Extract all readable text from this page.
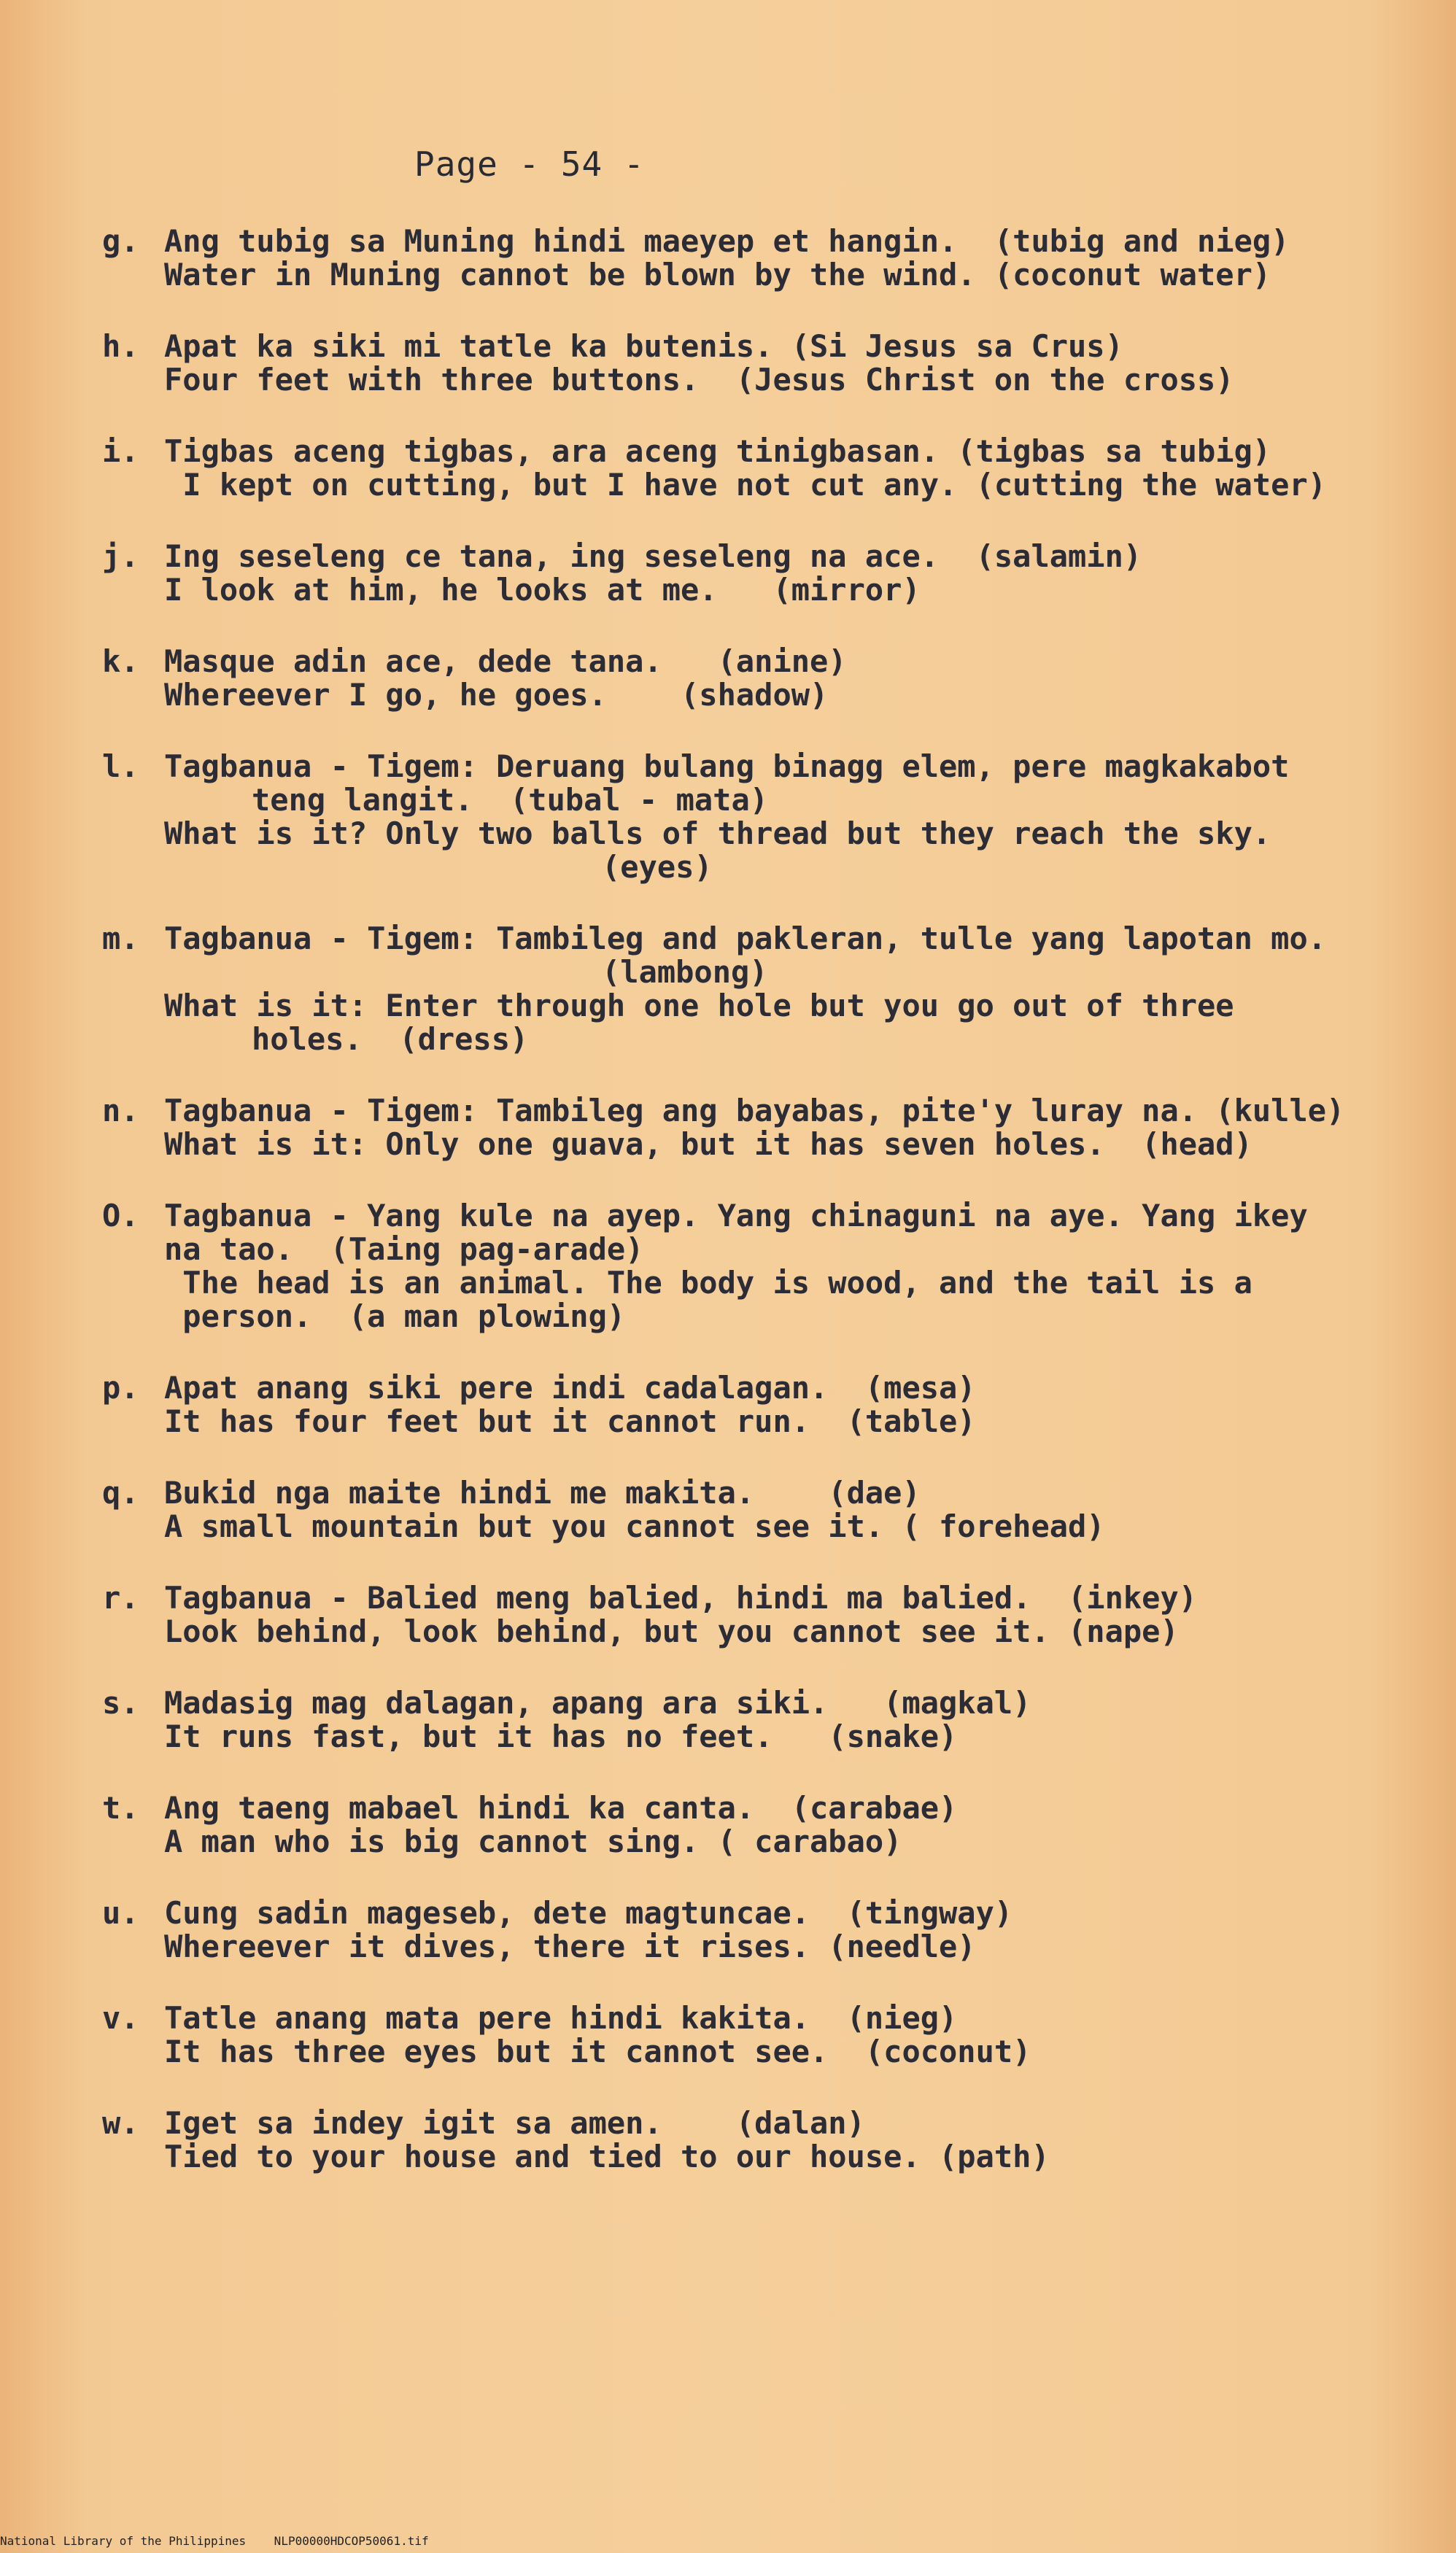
Page - 54 -
g. Ang tubig sa Muning hindi maeyep et hangin.  (tubig and nieg)
Water in Muning cannot be blown by the wind. (coconut water)
h. Apat ka siki mi tatle ka butenis. (Si Jesus sa Crus)
Four feet with three buttons.  (Jesus Christ on the cross)
i. Tigbas aceng tigbas, ara aceng tinigbasan. (tigbas sa tubig)
I kept on cutting, but I have not cut any. (cutting the water)
j. Ing seseleng ce tana, ing seseleng na ace.  (salamin)
I look at him, he looks at me.   (mirror)
k. Masque adin ace, dede tana.   (anine)
Whereever I go, he goes.    (shadow)
l. Tagbanua - Tigem: Deruang bulang binagg elem, pere magkakabot
teng langit.  (tubal - mata)
What is it? Only two balls of thread but they reach the sky.
(eyes)
m. Tagbanua - Tigem: Tambileg and pakleran, tulle yang lapotan mo.
(lambong)
What is it: Enter through one hole but you go out of three
holes.  (dress)
n. Tagbanua - Tigem: Tambileg ang bayabas, pite'y luray na. (kulle)
What is it: Only one guava, but it has seven holes.  (head)
O. Tagbanua - Yang kule na ayep. Yang chinaguni na aye. Yang ikey
na tao.  (Taing pag-arade)
The head is an animal. The body is wood, and the tail is a
person.  (a man plowing)
p. Apat anang siki pere indi cadalagan.  (mesa)
It has four feet but it cannot run.  (table)
q. Bukid nga maite hindi me makita.    (dae)
A small mountain but you cannot see it. ( forehead)
r. Tagbanua - Balied meng balied, hindi ma balied.  (inkey)
Look behind, look behind, but you cannot see it. (nape)
s. Madasig mag dalagan, apang ara siki.   (magkal)
It runs fast, but it has no feet.   (snake)
t. Ang taeng mabael hindi ka canta.  (carabae)
A man who is big cannot sing. ( carabao)
u. Cung sadin mageseb, dete magtuncae.  (tingway)
Whereever it dives, there it rises. (needle)
v. Tatle anang mata pere hindi kakita.  (nieg)
It has three eyes but it cannot see.  (coconut)
w. Iget sa indey igit sa amen.    (dalan)
Tied to your house and tied to our house. (path)
National Library of the Philippines    NLP00000HDCOP50061.tif
